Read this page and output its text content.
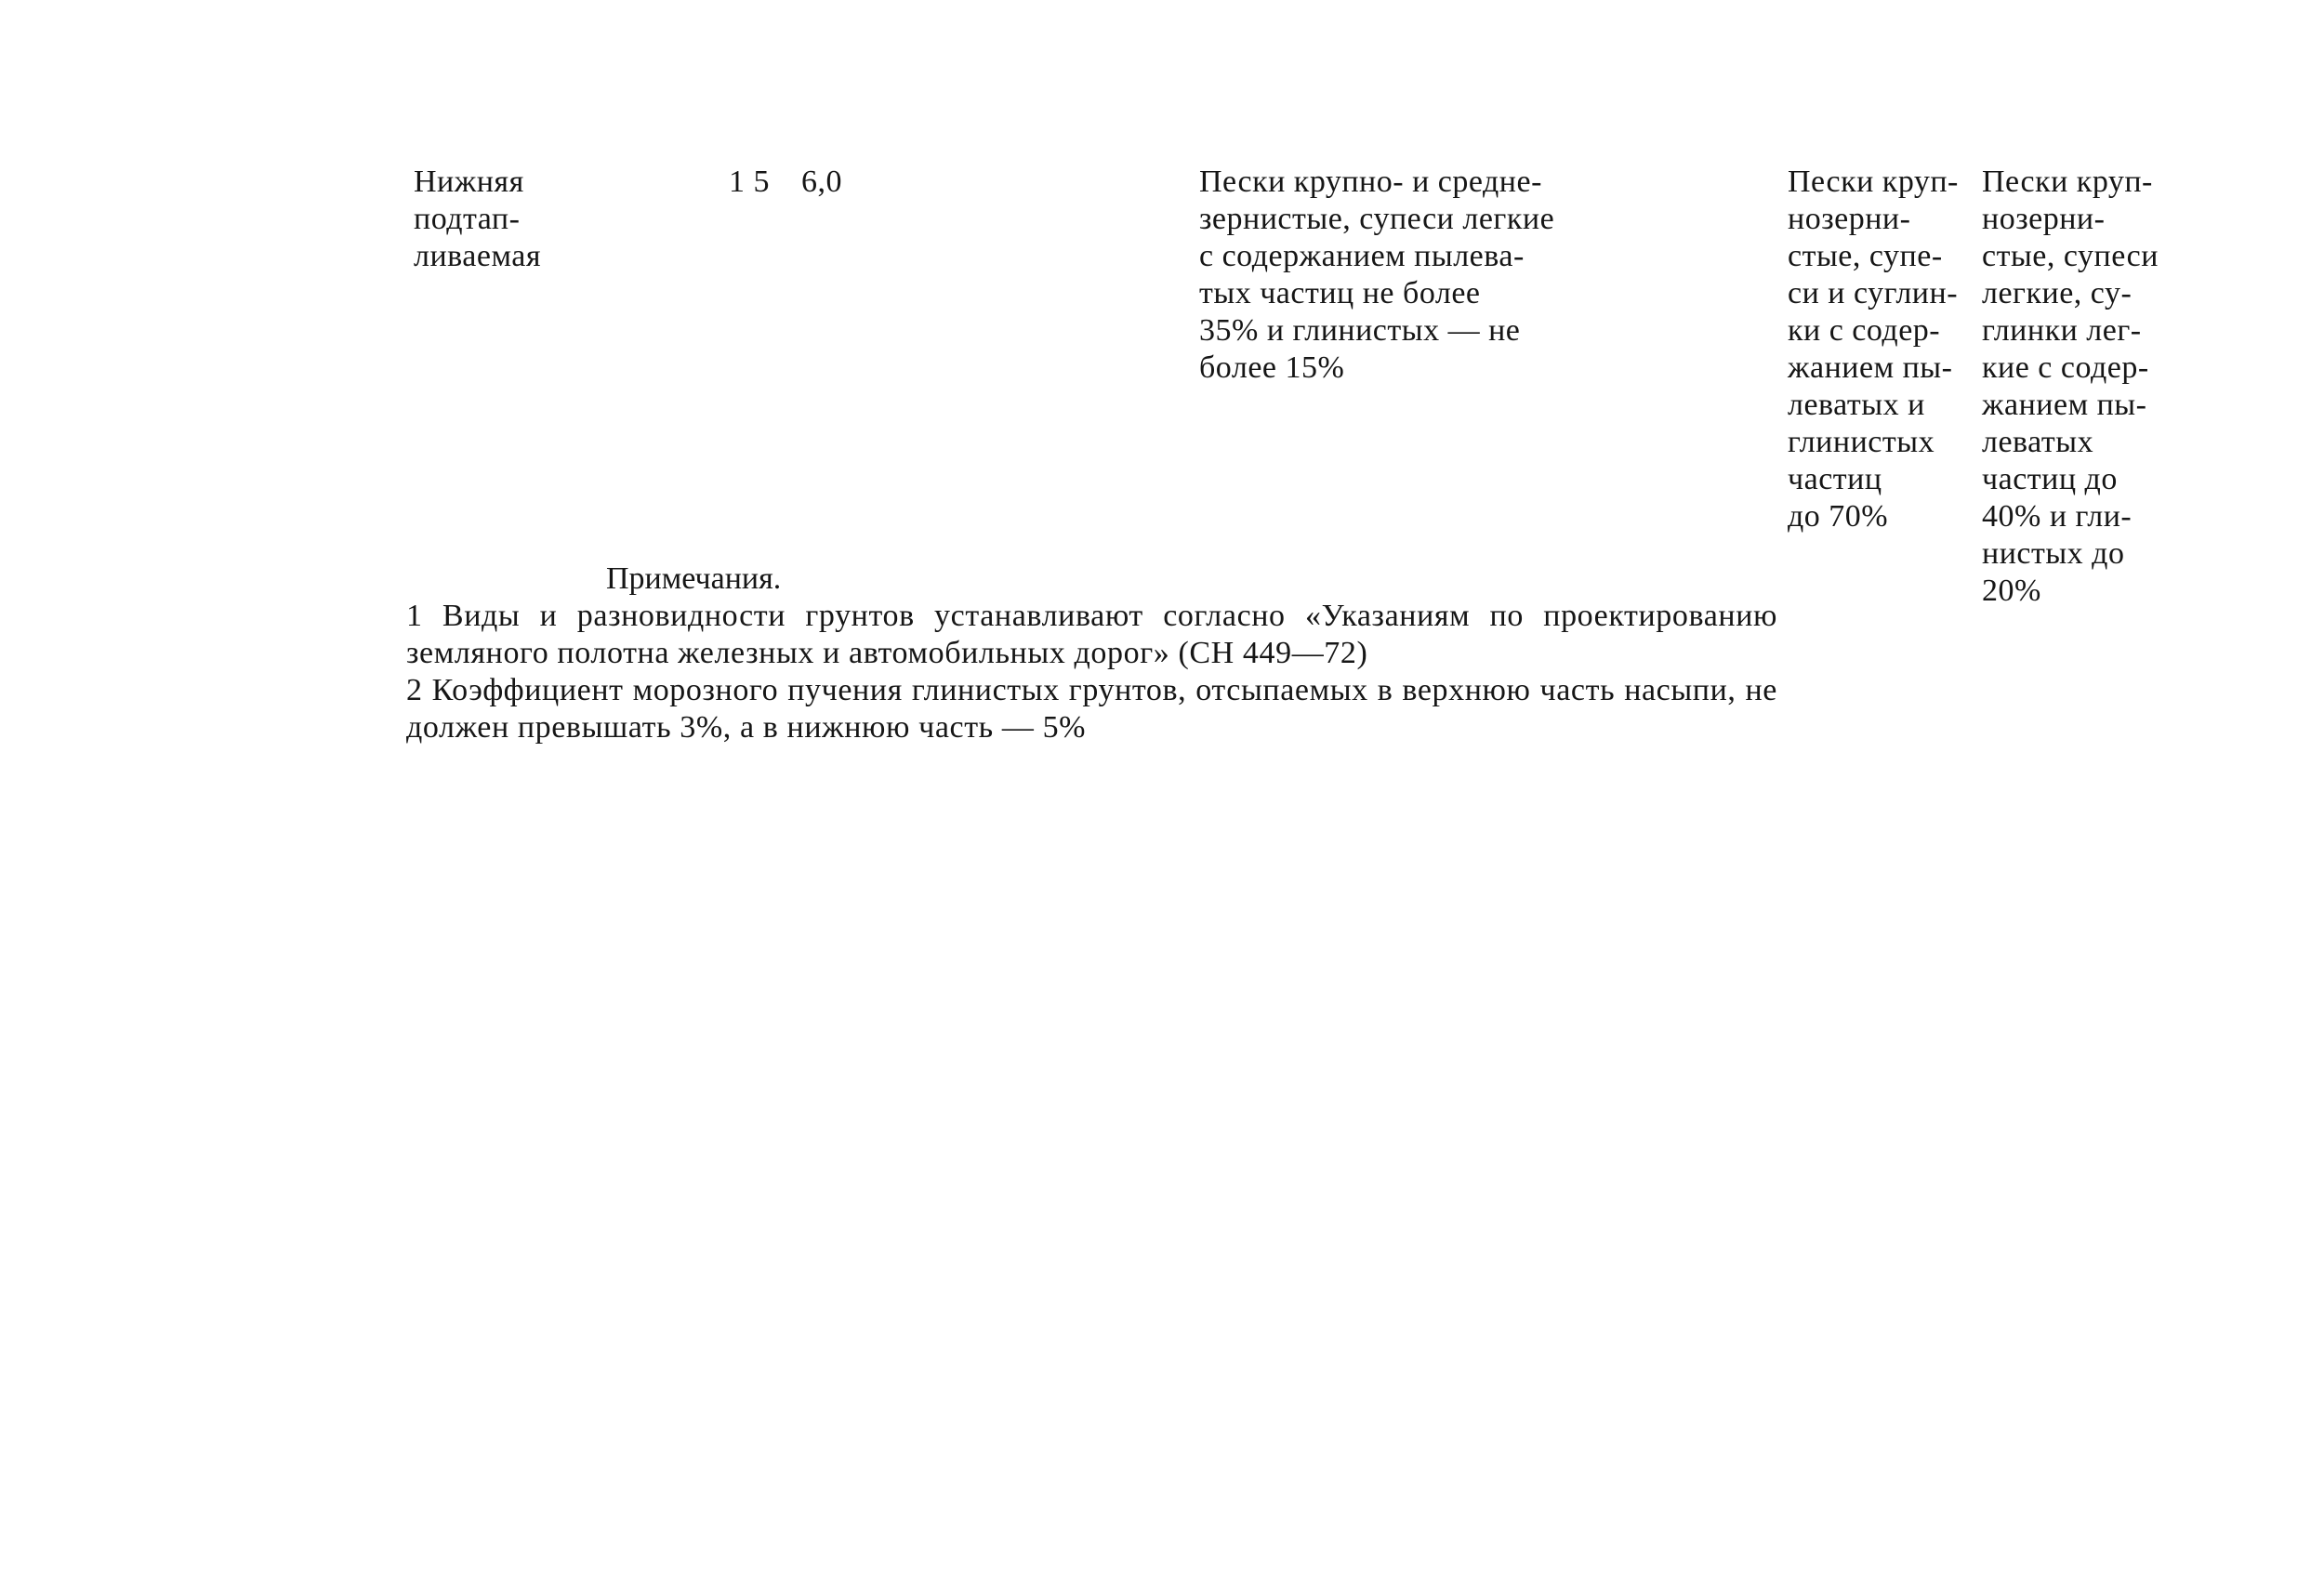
Нижняя
подтап-
ливаемая
1 5	6,0	Пески крупно- и средне-
зернистые, супеси легкие
с содержанием пылева-
тых частиц не более
35% и глинистых — не
более 15%
Пески круп-
нозерни-
стые, супе-
си и суглин-
ки с содер-
жанием пы-
леватых и
глинистых
частиц
до 70%
Пески круп-
нозерни-
стые, супеси
легкие, су-
глинки лег-
кие с содер-
жанием пы-
леватых
частиц до
40% и гли-
нистых до
20%
Примечания.
1 Виды и разновидности грунтов устанавливают согласно «Указаниям по проектированию земляного полотна железных и автомобильных дорог» (СН 449—72)
2 Коэффициент морозного пучения глинистых грунтов, отсыпаемых в верхнюю часть насыпи, не должен превышать 3%, а в нижнюю часть — 5%
